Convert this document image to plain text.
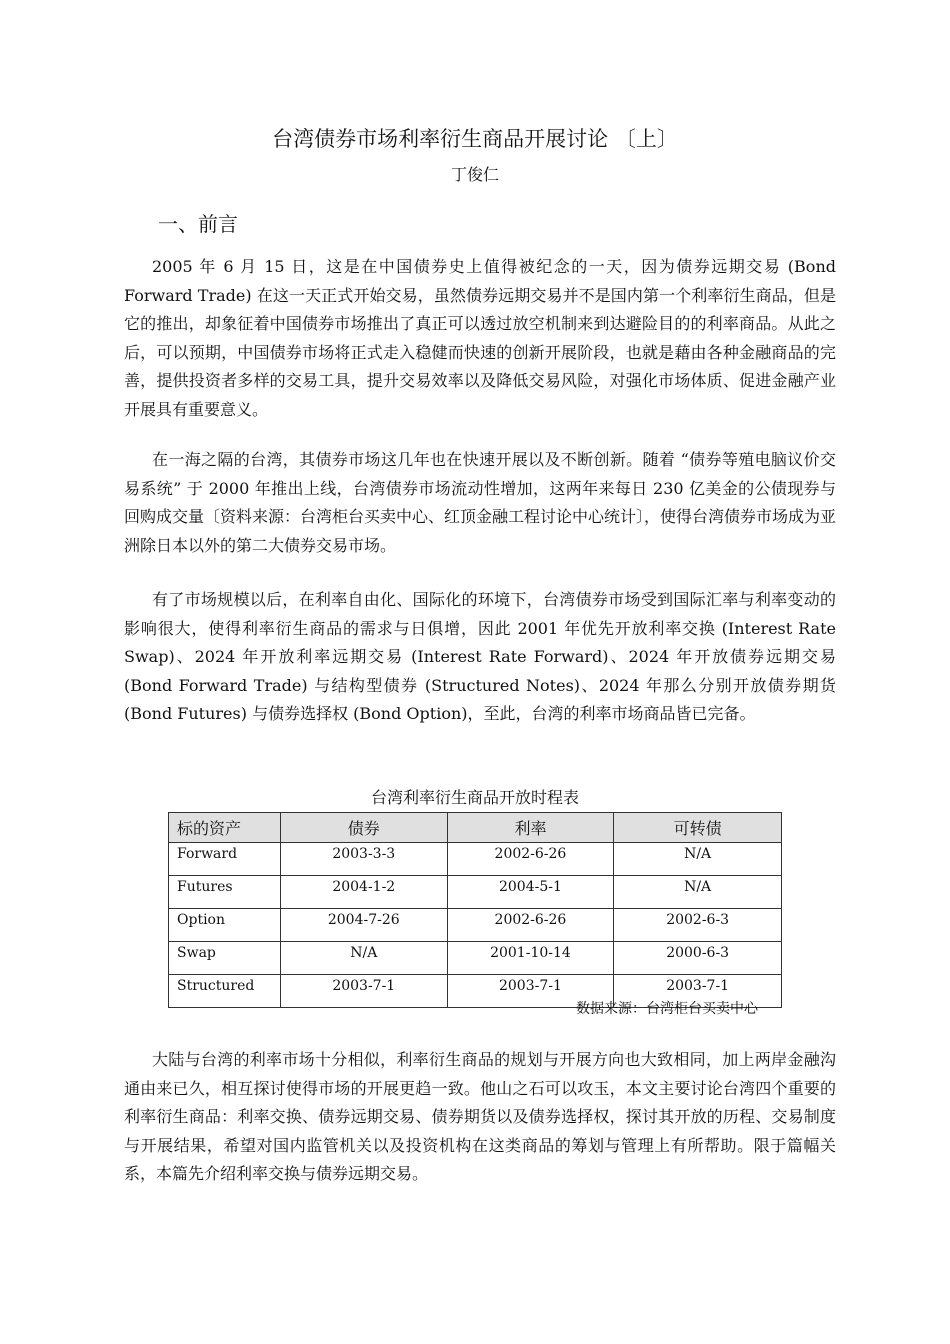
台湾债券市场利率衍生商品开展讨论 〔上〕
丁俊仁
一、前言

2005 年 6 月 15 日，这是在中国债券史上值得被纪念的一天，因为债券远期交易 (Bond Forward Trade) 在这一天正式开始交易，虽然债券远期交易并不是国内第一个利率衍生商品，但是它的推出，却象征着中国债券市场推出了真正可以透过放空机制来到达避险目的的利率商品。从此之后，可以预期，中国债券市场将正式走入稳健而快速的创新开展阶段，也就是藉由各种金融商品的完善，提供投资者多样的交易工具，提升交易效率以及降低交易风险，对强化市场体质、促进金融产业开展具有重要意义。

在一海之隔的台湾，其债券市场这几年也在快速开展以及不断创新。随着 “债券等殖电脑议价交易系统” 于 2000 年推出上线，台湾债券市场流动性增加，这两年来每日 230 亿美金的公债现券与回购成交量〔资料来源：台湾柜台买卖中心、红顶金融工程讨论中心统计〕，使得台湾债券市场成为亚洲除日本以外的第二大债券交易市场。

有了市场规模以后，在利率自由化、国际化的环境下，台湾债券市场受到国际汇率与利率变动的影响很大，使得利率衍生商品的需求与日俱增，因此 2001 年优先开放利率交换 (Interest Rate Swap)、2024 年开放利率远期交易 (Interest Rate Forward)、2024 年开放债券远期交易 (Bond Forward Trade) 与结构型债券 (Structured Notes)、2024 年那么分别开放债券期货 (Bond Futures) 与债券选择权 (Bond Option)，至此，台湾的利率市场商品皆已完备。

台湾利率衍生商品开放时程表
标的资产	债券	利率	可转债
Forward	2003-3-3	2002-6-26	N/A
Futures	2004-1-2	2004-5-1	N/A
Option	2004-7-26	2002-6-26	2002-6-3
Swap	N/A	2001-10-14	2000-6-3
Structured	2003-7-1	2003-7-1	2003-7-1
数据来源：台湾柜台买卖中心

大陆与台湾的利率市场十分相似，利率衍生商品的规划与开展方向也大致相同，加上两岸金融沟通由来已久，相互探讨使得市场的开展更趋一致。他山之石可以攻玉，本文主要讨论台湾四个重要的利率衍生商品：利率交换、债券远期交易、债券期货以及债券选择权，探讨其开放的历程、交易制度与开展结果，希望对国内监管机关以及投资机构在这类商品的筹划与管理上有所帮助。限于篇幅关系，本篇先介绍利率交换与债券远期交易。
